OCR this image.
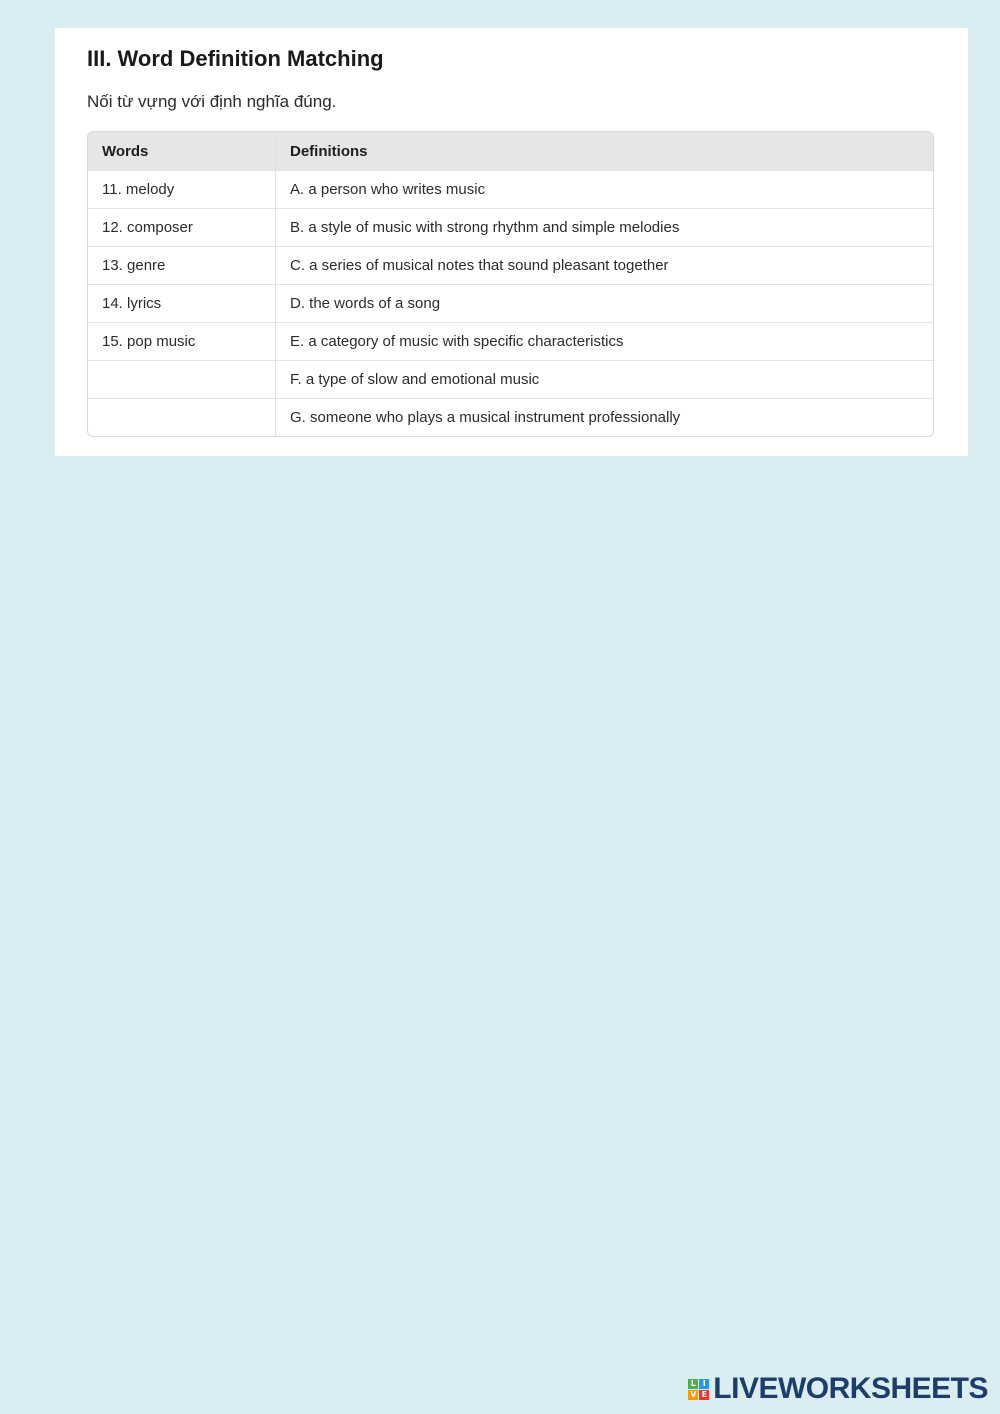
III. Word Definition Matching

Nối từ vựng với định nghĩa đúng.

Words	Definitions
11. melody	A. a person who writes music
12. composer	B. a style of music with strong rhythm and simple melodies
13. genre	C. a series of musical notes that sound pleasant together
14. lyrics	D. the words of a song
15. pop music	E. a category of music with specific characteristics
	F. a type of slow and emotional music
	G. someone who plays a musical instrument professionally
L I
V E LIVEWORKSHEETS
